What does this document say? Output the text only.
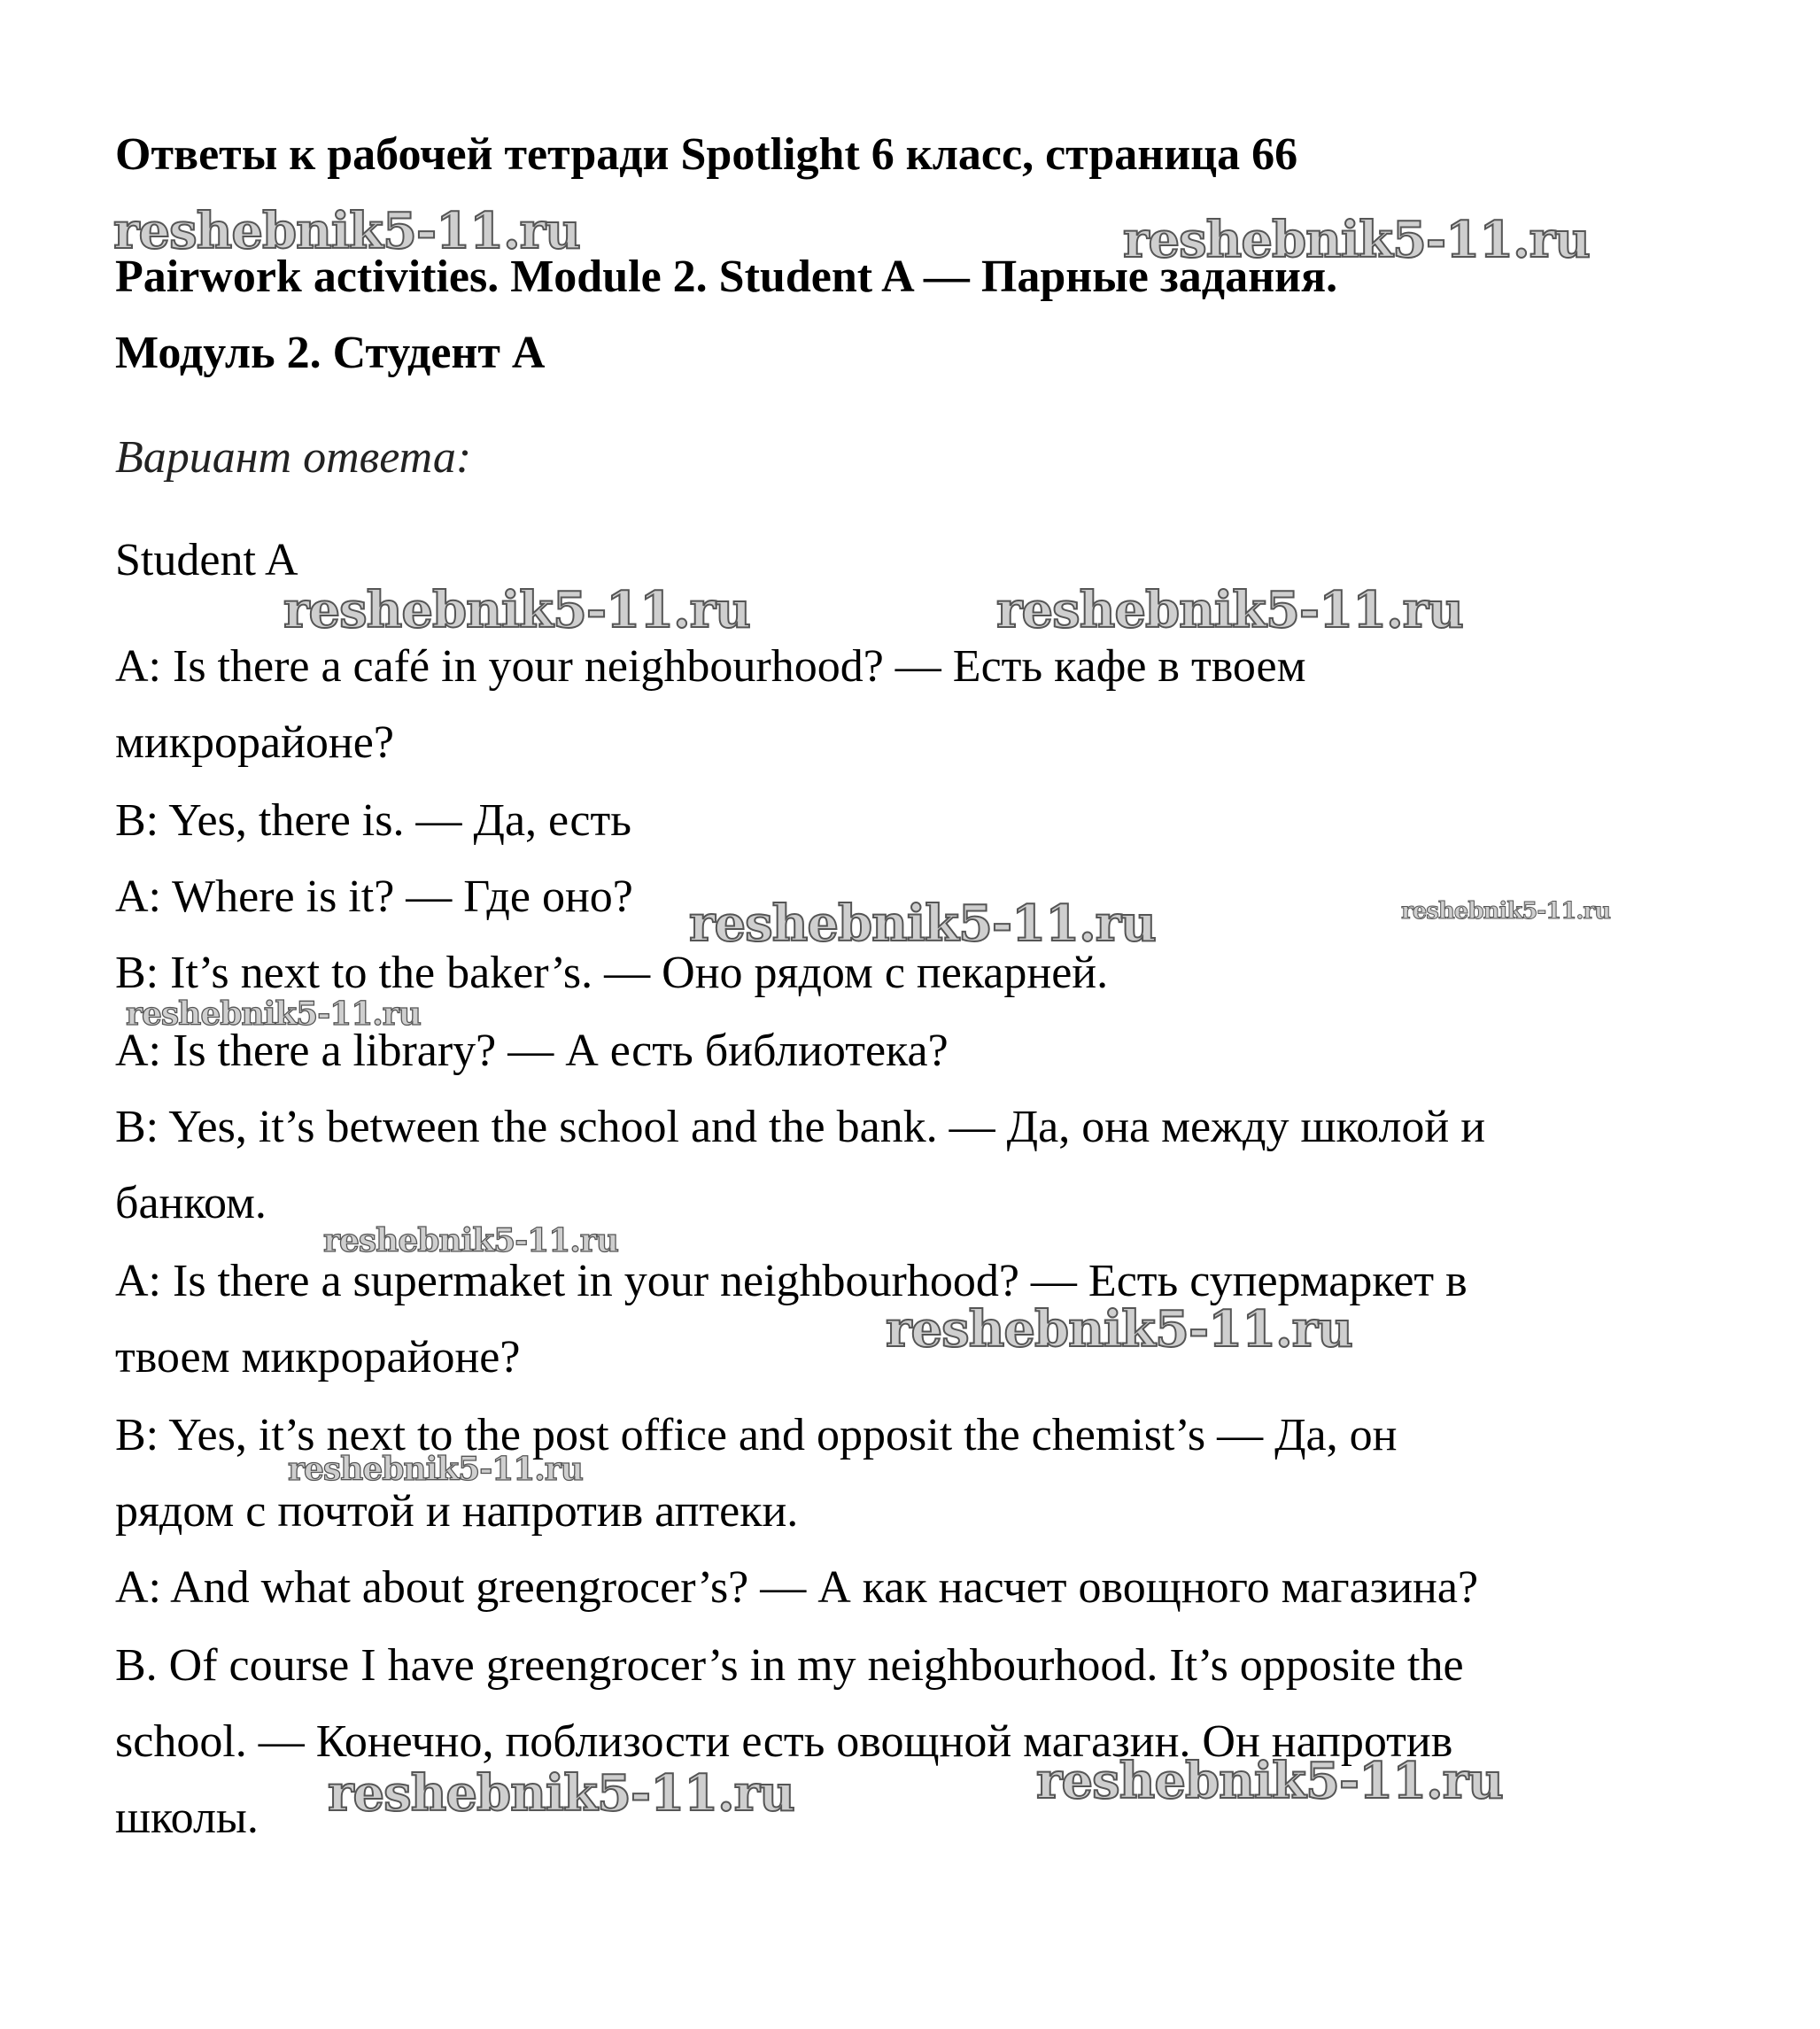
Ответы к рабочей тетради Spotlight 6 класс, страница 66
Pairwork activities. Module 2. Student A — Парные задания.
Модуль 2. Студент А
Вариант ответа:
Student A
A: Is there a café in your neighbourhood? — Есть кафе в твоем
микрорайоне?
B: Yes, there is. — Да, есть
A: Where is it? — Где оно?
B: It’s next to the baker’s. — Оно рядом с пекарней.
A: Is there a library? — А есть библиотека?
B: Yes, it’s between the school and the bank. — Да, она между школой и
банком.
A: Is there a supermaket in your neighbourhood? — Есть супермаркет в
твоем микрорайоне?
B: Yes, it’s next to the post office and opposit the chemist’s — Да, он
рядом с почтой и напротив аптеки.
A: And what about greengrocer’s? — А как насчет овощного магазина?
B. Of course I have greengrocer’s in my neighbourhood. It’s opposite the
school. — Конечно, поблизости есть овощной магазин. Он напротив
школы.
reshebnik5-11.ru	reshebnik5-11.ru
reshebnik5-11.ru	reshebnik5-11.ru
reshebnik5-11.ru	reshebnik5-11.ru
reshebnik5-11.ru
reshebnik5-11.ru
reshebnik5-11.ru
reshebnik5-11.ru
reshebnik5-11.ru	reshebnik5-11.ru
